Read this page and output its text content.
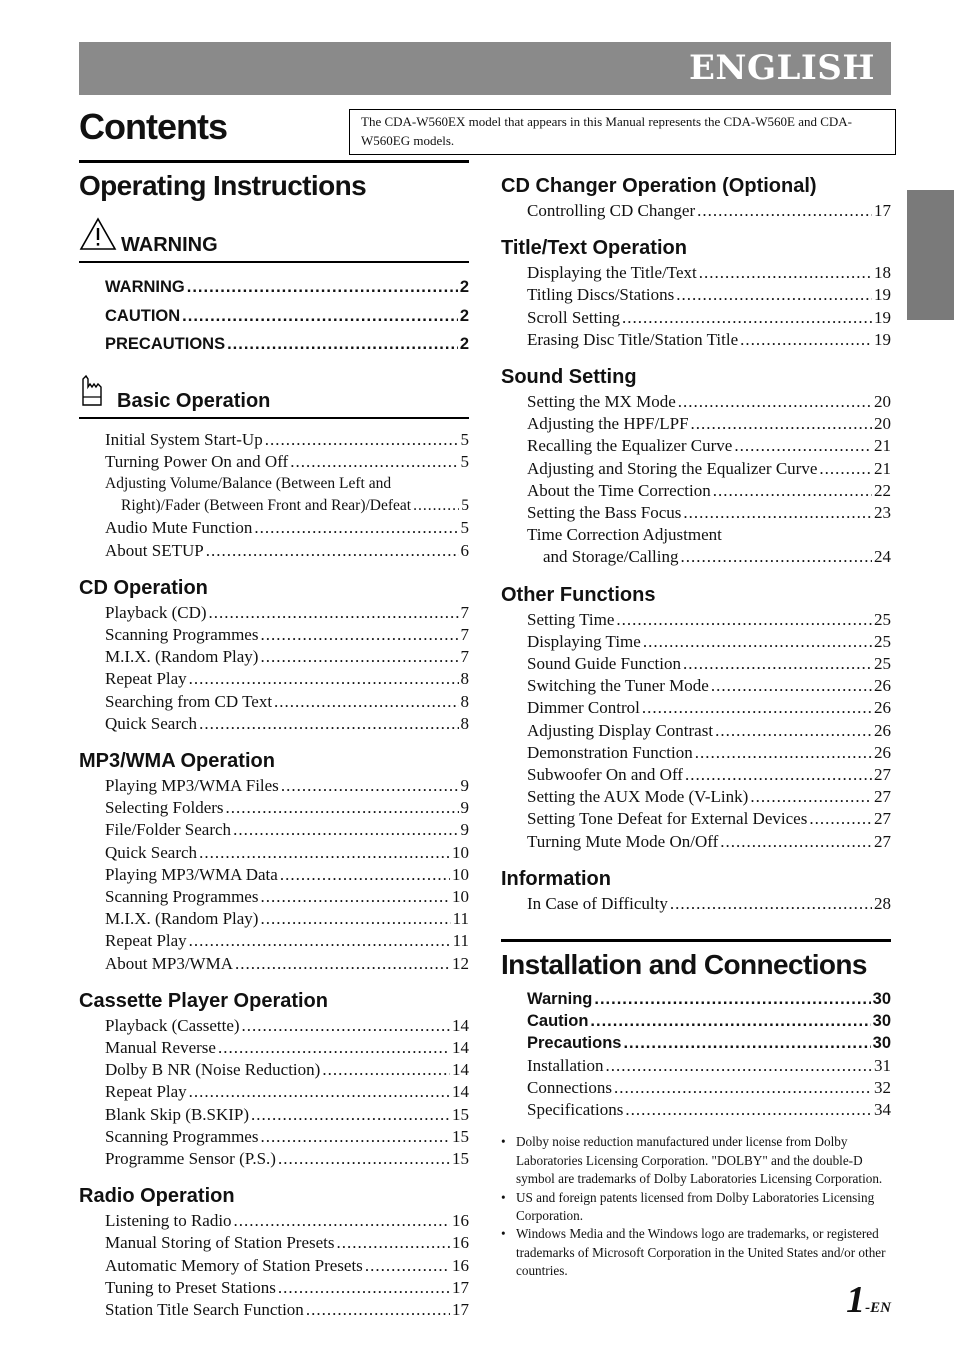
ENGLISH
Contents	The CDA-W560EX model that appears in this Manual represents the CDA-W560E and CDA-W560EG models.
Operating Instructions
WARNING
WARNING .....	2
CAUTION .....	2
PRECAUTIONS .....	2
Basic Operation
Initial System Start-Up .....	5
Turning Power On and Off .....	5
Adjusting Volume/Balance (Between Left and
Right)/Fader (Between Front and Rear)/Defeat .....	5
Audio Mute Function .....	5
About SETUP .....	6
CD Operation
Playback (CD) .....	7
Scanning Programmes .....	7
M.I.X. (Random Play) .....	7
Repeat Play .....	8
Searching from CD Text .....	8
Quick Search .....	8
MP3/WMA Operation
Playing MP3/WMA Files .....	9
Selecting Folders .....	9
File/Folder Search .....	9
Quick Search .....	10
Playing MP3/WMA Data .....	10
Scanning Programmes .....	10
M.I.X. (Random Play) .....	11
Repeat Play .....	11
About MP3/WMA .....	12
Cassette Player Operation
Playback (Cassette) .....	14
Manual Reverse .....	14
Dolby B NR (Noise Reduction) .....	14
Repeat Play .....	14
Blank Skip (B.SKIP) .....	15
Scanning Programmes .....	15
Programme Sensor (P.S.) .....	15
Radio Operation
Listening to Radio .....	16
Manual Storing of Station Presets .....	16
Automatic Memory of Station Presets .....	16
Tuning to Preset Stations .....	17
Station Title Search Function .....	17
CD Changer Operation (Optional)
Controlling CD Changer .....	17
Title/Text Operation
Displaying the Title/Text .....	18
Titling Discs/Stations .....	19
Scroll Setting .....	19
Erasing Disc Title/Station Title .....	19
Sound Setting
Setting the MX Mode .....	20
Adjusting the HPF/LPF .....	20
Recalling the Equalizer Curve .....	21
Adjusting and Storing the Equalizer Curve .....	21
About the Time Correction .....	22
Setting the Bass Focus .....	23
Time Correction Adjustment
and Storage/Calling .....	24
Other Functions
Setting Time .....	25
Displaying Time .....	25
Sound Guide Function .....	25
Switching the Tuner Mode .....	26
Dimmer Control .....	26
Adjusting Display Contrast .....	26
Demonstration Function .....	26
Subwoofer On and Off .....	27
Setting the AUX Mode (V-Link) .....	27
Setting Tone Defeat for External Devices .....	27
Turning Mute Mode On/Off .....	27
Information
In Case of Difficulty .....	28
Installation and Connections
Warning .....	30
Caution .....	30
Precautions .....	30
Installation .....	31
Connections .....	32
Specifications .....	34
• Dolby noise reduction manufactured under license from Dolby Laboratories Licensing Corporation. "DOLBY" and the double-D symbol are trademarks of Dolby Laboratories Licensing Corporation.
• US and foreign patents licensed from Dolby Laboratories Licensing Corporation.
• Windows Media and the Windows logo are trademarks, or registered trademarks of Microsoft Corporation in the United States and/or other countries.
1-EN
